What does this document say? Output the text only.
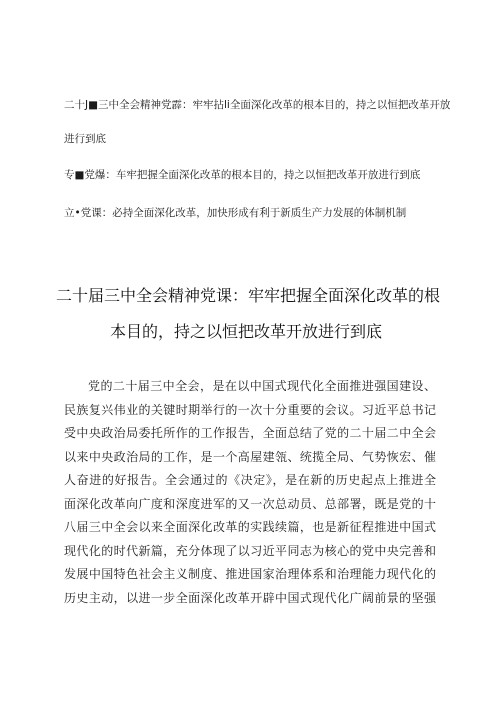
二十J■三中全会精神党霹：牢牢拈li全面深化改革的根本目的，持之以恒把改革开放
进行到底
专■党爆：车牢把握全面深化改革的根本目的，持之以恒把改革开放进行到底
立•党课：必持全面深化改革，加快形成有利于新质生产力发展的体制机制
二十届三中全会精神党课：牢牢把握全面深化改革的根
本目的，持之以恒把改革开放进行到底
党的二十届三中全会，是在以中国式现代化全面推进强国建设、
民族复兴伟业的关键时期举行的一次十分重要的会议。习近平总书记
受中央政治局委托所作的工作报告，全面总结了党的二十届二中全会
以来中央政治局的工作，是一个高屋建瓴、统揽全局、气势恢宏、催
人奋进的好报告。全会通过的《决定》，是在新的历史起点上推进全
面深化改革向广度和深度进军的又一次总动员、总部署，既是党的十
八届三中全会以来全面深化改革的实践续篇，也是新征程推进中国式
现代化的时代新篇，充分体现了以习近平同志为核心的党中央完善和
发展中国特色社会主义制度、推进国家治理体系和治理能力现代化的
历史主动，以进一步全面深化改革开辟中国式现代化广阔前景的坚强
